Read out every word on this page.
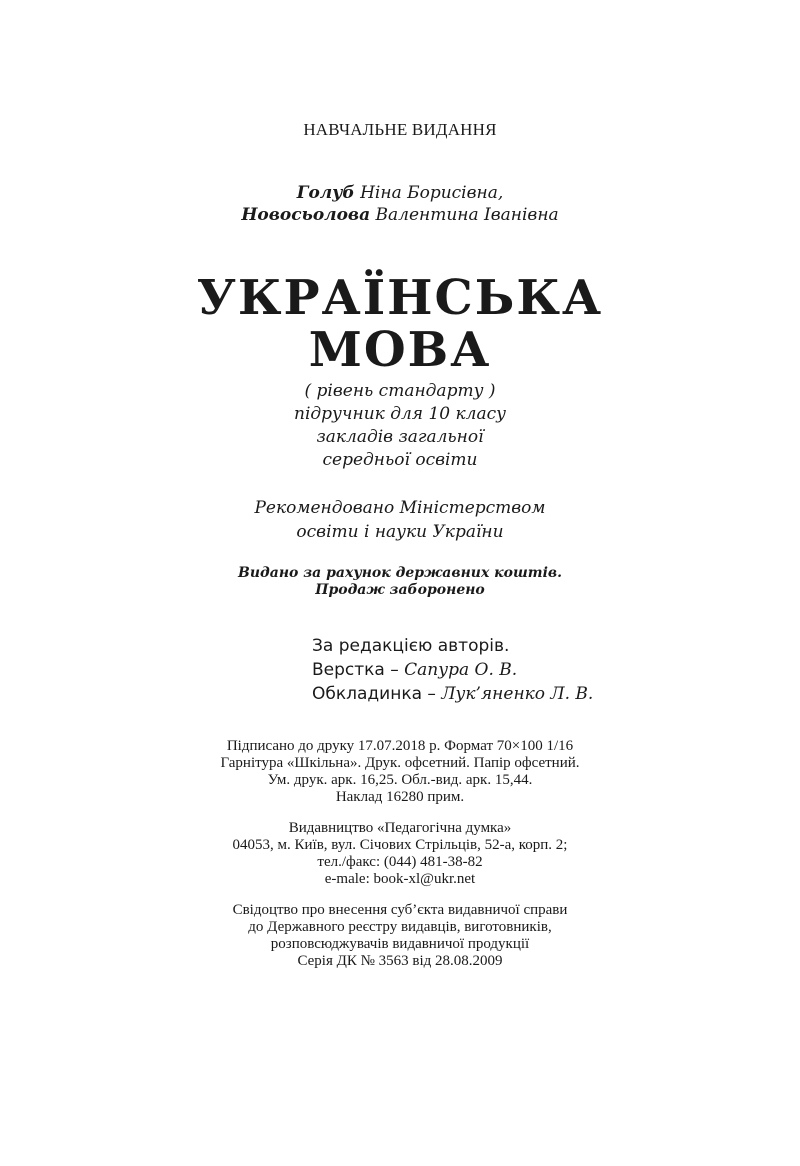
НАВЧАЛЬНЕ ВИДАННЯ
Голуб Ніна Борисівна,
Новосьолова Валентина Іванівна
УКРАЇНСЬКА
МОВА
( рівень стандарту )
підручник для 10 класу
закладів загальної
середньої освіти
Рекомендовано Міністерством
освіти і науки України
Видано за рахунок державних коштів.
Продаж заборонено
За редакцією авторів.
Верстка – Сапура О. В.
Обкладинка – Лук’яненко Л. В.
Підписано до друку 17.07.2018 р. Формат 70×100 1/16
Гарнітура «Шкільна». Друк. офсетний. Папір офсетний.
Ум. друк. арк. 16,25. Обл.-вид. арк. 15,44.
Наклад 16280 прим.
Видавництво «Педагогічна думка»
04053, м. Київ, вул. Січових Стрільців, 52-а, корп. 2;
тел./факс: (044) 481-38-82
e-male: book-xl@ukr.net
Свідоцтво про внесення суб’єкта видавничої справи
до Державного реєстру видавців, виготовників,
розповсюджувачів видавничої продукції
Серія ДК № 3563 від 28.08.2009
